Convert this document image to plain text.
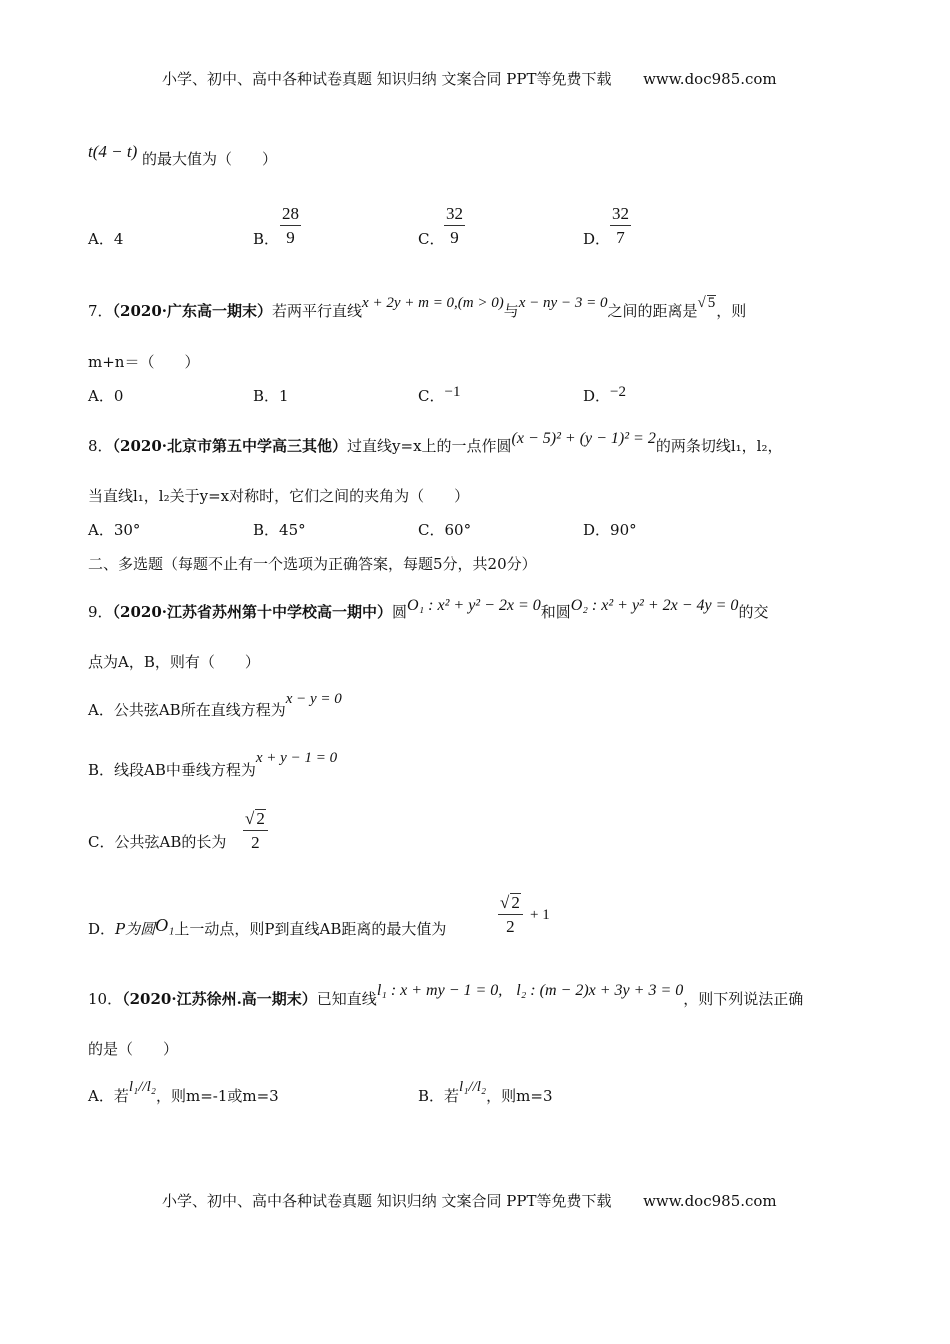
小学、初中、高中各种试卷真题 知识归纳 文案合同 PPT等免费下载 www.doc985.com
t(4 − t) 的最大值为（　　）
A．4	B． $\frac{28}{9}$	C． $\frac{32}{9}$	D． $\frac{32}{7}$
7．（2020·广东高一期末）若两平行直线x + 2y + m = 0,(m > 0)与x − ny − 3 = 0之间的距离是√ 5，则
m+n＝（　　）
A．0	B．1	C．−1	D．−2
8．（2020·北京市第五中学高三其他）过直线y=x上的一点作圆(x − 5)² + (y − 1)² = 2的两条切线l₁，l₂，
当直线l₁，l₂关于y=x对称时，它们之间的夹角为（　　）
A．30°	B．45°	C．60°	D．90°
二、多选题（每题不止有一个选项为正确答案，每题5分，共20分）
9．（2020·江苏省苏州第十中学校高一期中）圆O₁ : x² + y² − 2x = 0和圆O₂ : x² + y² + 2x − 4y = 0的交
点为A，B，则有（　　）
A．公共弦AB所在直线方程为x − y = 0
B．线段AB中垂线方程为x + y − 1 = 0
C．公共弦AB的长为 $\frac{√ 2}{2}$
D．P为圆O₁上一动点，则P到直线AB距离的最大值为	$\frac{√ 2}{2} + 1$
10．（2020·江苏徐州.高一期末）已知直线l₁ : x + my − 1 = 0, l₂ : (m − 2)x + 3y + 3 = 0，则下列说法正确
的是（　　）
A．若l₁//l₂，则m=-1或m=3	B．若l₁//l₂，则m=3
小学、初中、高中各种试卷真题 知识归纳 文案合同 PPT等免费下载 www.doc985.com
